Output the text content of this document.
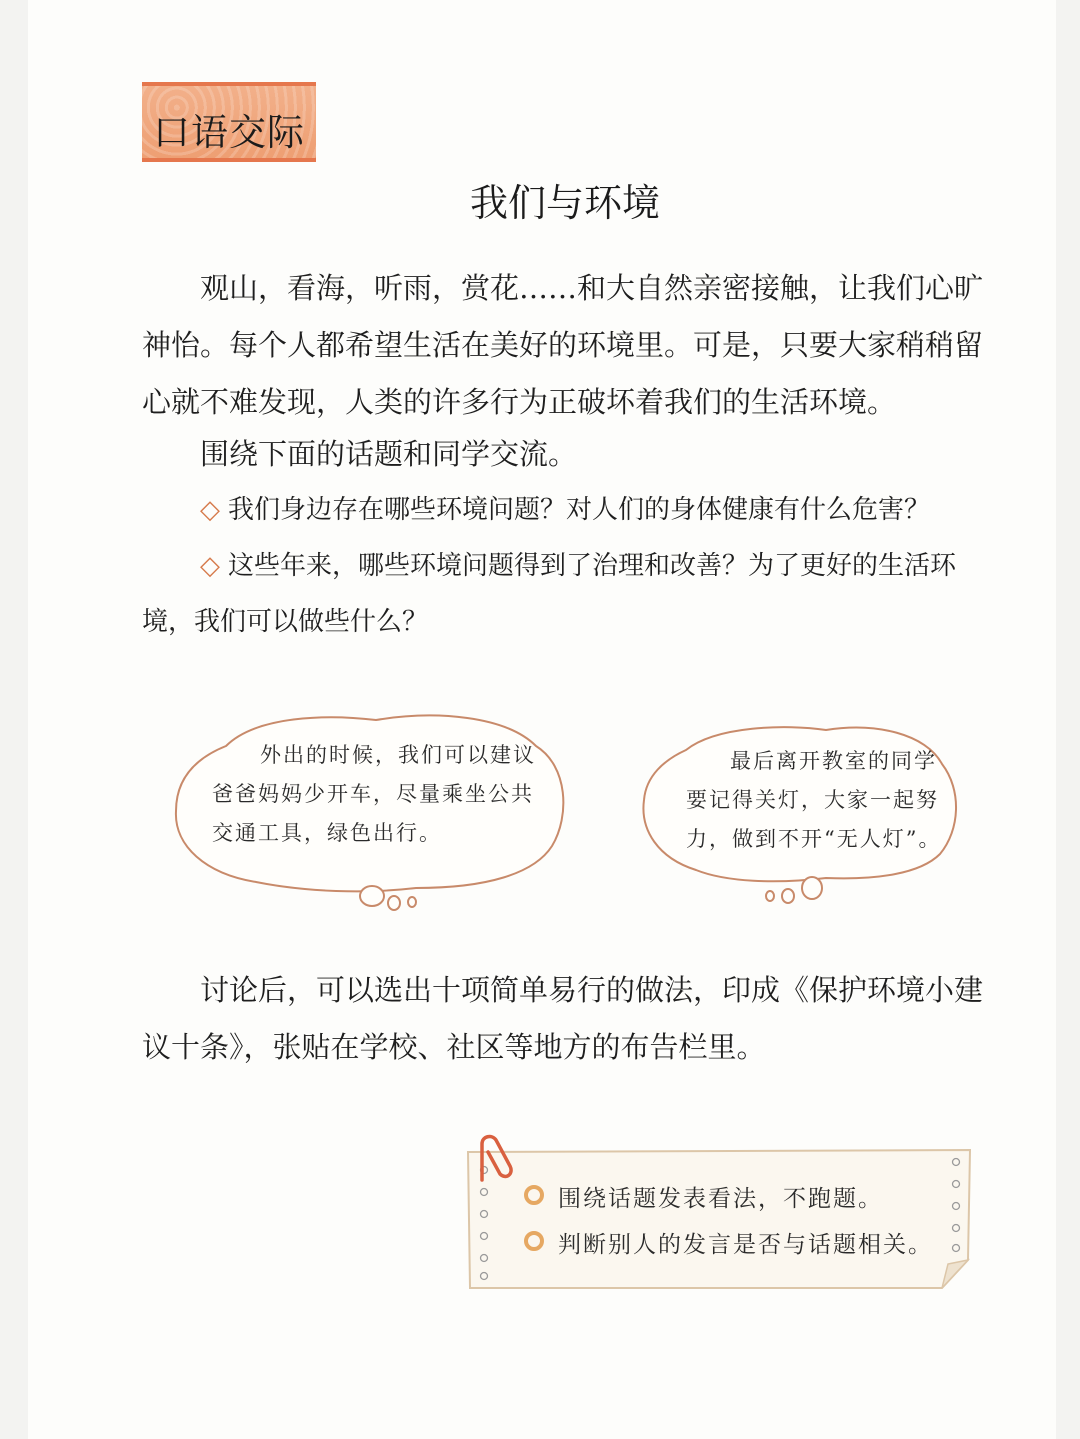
口语交际
我们与环境
观山，看海，听雨，赏花……和大自然亲密接触，让我们心旷神怡。每个人都希望生活在美好的环境里。可是，只要大家稍稍留心就不难发现，人类的许多行为正破坏着我们的生活环境。
围绕下面的话题和同学交流。
◇ 我们身边存在哪些环境问题？对人们的身体健康有什么危害？
◇ 这些年来，哪些环境问题得到了治理和改善？为了更好的生活环境，我们可以做些什么？
外出的时候，我们可以建议爸爸妈妈少开车，尽量乘坐公共交通工具，绿色出行。
最后离开教室的同学要记得关灯，大家一起努力，做到不开“无人灯”。
讨论后，可以选出十项简单易行的做法，印成《保护环境小建议十条》，张贴在学校、社区等地方的布告栏里。
围绕话题发表看法，不跑题。
判断别人的发言是否与话题相关。
